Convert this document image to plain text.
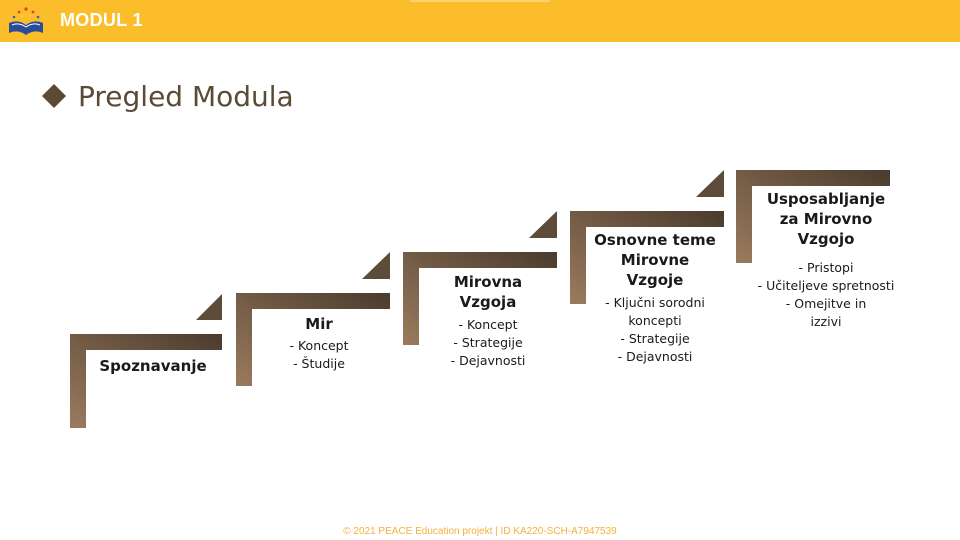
MODUL 1
Pregled Modula
Spoznavanje
Mir
- Koncept
- Študije
Mirovna Vzgoja
- Koncept
- Strategije
- Dejavnosti
Osnovne teme Mirovne Vzgoje
- Ključni sorodni koncepti
- Strategije
- Dejavnosti
Usposabljanje za Mirovno Vzgojo
- Pristopi
- Učiteljeve spretnosti
- Omejitve in izzivi
© 2021 PEACE Education projekt | ID KA220-SCH-A7947539
